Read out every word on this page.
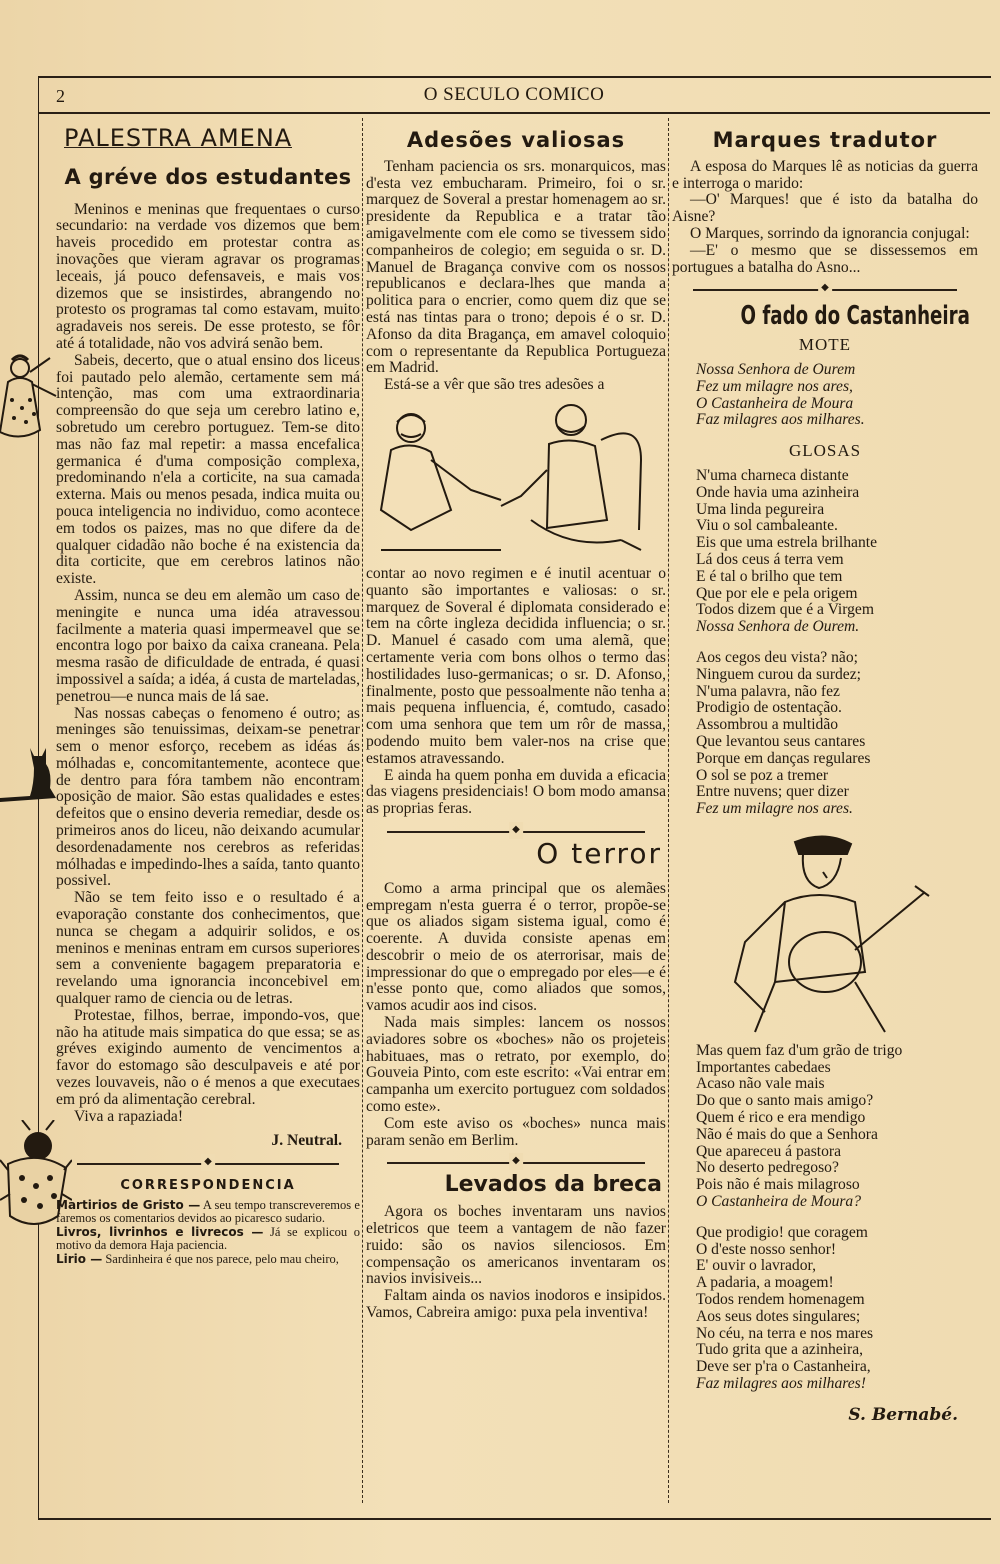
2	O SECULO COMICO
PALESTRA AMENA
A gréve dos estudantes

Meninos e meninas que frequentaes o curso secundario: na verdade vos dizemos que bem haveis procedido em protestar contra as inovações que vieram agravar os programas leceais, já pouco defensaveis, e mais vos dizemos que se insistirdes, abrangendo no protesto os programas tal como estavam, muito agradaveis nos sereis. De esse protesto, se fôr até á totalidade, não vos advirá senão bem.

Sabeis, decerto, que o atual ensino dos liceus foi pautado pelo alemão, certamente sem má intenção, mas com uma extraordinaria compreensão do que seja um cerebro latino e, sobretudo um cerebro portuguez. Tem-se dito mas não faz mal repetir: a massa encefalica germanica é d'uma composição complexa, predominando n'ela a corticite, na sua camada externa. Mais ou menos pesada, indica muita ou pouca inteligencia no individuo, como acontece em todos os paizes, mas no que difere da de qualquer cidadão não boche é na existencia da dita corticite, que em cerebros latinos não existe.

Assim, nunca se deu em alemão um caso de meningite e nunca uma idéa atravessou facilmente a materia quasi impermeavel que se encontra logo por baixo da caixa craneana. Pela mesma rasão de dificuldade de entrada, é quasi impossivel a saída; a idéa, á custa de marteladas, penetrou—e nunca mais de lá sae.

Nas nossas cabeças o fenomeno é outro; as meninges são tenuissimas, deixam-se penetrar sem o menor esforço, recebem as idéas ás mólhadas e, concomitantemente, acontece que de dentro para fóra tambem não encontram oposição de maior. São estas qualidades e estes defeitos que o ensino deveria remediar, desde os primeiros anos do liceu, não deixando acumular desordenadamente nos cerebros as referidas mólhadas e impedindo-lhes a saída, tanto quanto possivel.

Não se tem feito isso e o resultado é a evaporação constante dos conhecimentos, que nunca se chegam a adquirir solidos, e os meninos e meninas entram em cursos superiores sem a conveniente bagagem preparatoria e revelando uma ignorancia inconcebivel em qualquer ramo de ciencia ou de letras.

Protestae, filhos, berrae, impondo-vos, que não ha atitude mais simpatica do que essa; se as gréves exigindo aumento de vencimentos a favor do estomago são desculpaveis e até por vezes louvaveis, não o é menos a que executaes em pró da alimentação cerebral.

Viva a rapaziada!

J. Neutral.
◆
CORRESPONDENCIA
Martirios de Gristo — A seu tempo transcreveremos e faremos os comentarios devidos ao picaresco sudario.
Livros, livrinhos e livrecos — Já se explicou o motivo da demora Haja paciencia.
Lirio — Sardinheira é que nos parece, pelo mau cheiro,
Adesões valiosas

Tenham paciencia os srs. monarquicos, mas d'esta vez embucharam. Primeiro, foi o sr. marquez de Soveral a prestar homenagem ao sr. presidente da Republica e a tratar tão amigavelmente com ele como se tivessem sido companheiros de colegio; em seguida o sr. D. Manuel de Bragança convive com os nossos republicanos e declara-lhes que manda a politica para o encrier, como quem diz que se está nas tintas para o trono; depois é o sr. D. Afonso da dita Bragança, em amavel coloquio com o representante da Republica Portugueza em Madrid.

Está-se a vêr que são tres adesões a

contar ao novo regimen e é inutil acentuar o quanto são importantes e valiosas: o sr. marquez de Soveral é diplomata considerado e tem na côrte ingleza decidida influencia; o sr. D. Manuel é casado com uma alemã, que certamente veria com bons olhos o termo das hostilidades luso-germanicas; o sr. D. Afonso, finalmente, posto que pessoalmente não tenha a mais pequena influencia, é, comtudo, casado com uma senhora que tem um rôr de massa, podendo muito bem valer-nos na crise que estamos atravessando.

E ainda ha quem ponha em duvida a eficacia das viagens presidenciais! O bom modo amansa as proprias feras.

◆
O terror

Como a arma principal que os alemães empregam n'esta guerra é o terror, propõe-se que os aliados sigam sistema igual, como é coerente. A duvida consiste apenas em descobrir o meio de os aterrorisar, mais de impressionar do que o empregado por eles—e é n'esse ponto que, como aliados que somos, vamos acudir aos ind cisos.

Nada mais simples: lancem os nossos aviadores sobre os «boches» não os projeteis habituaes, mas o retrato, por exemplo, do Gouveia Pinto, com este escrito: «Vai entrar em campanha um exercito portuguez com soldados como este».

Com este aviso os «boches» nunca mais param senão em Berlim.

◆
Levados da breca

Agora os boches inventaram uns navios eletricos que teem a vantagem de não fazer ruido: são os navios silenciosos. Em compensação os americanos inventaram os navios invisiveis...

Faltam ainda os navios inodoros e insipidos. Vamos, Cabreira amigo: puxa pela inventiva!

Marques tradutor

A esposa do Marques lê as noticias da guerra e interroga o marido:

—O' Marques! que é isto da batalha do Aisne?

O Marques, sorrindo da ignorancia conjugal:

—E' o mesmo que se dissessemos em portugues a batalha do Asno...

◆
O fado do Castanheira
MOTE
Nossa Senhora de Ourem
Fez um milagre nos ares,
O Castanheira de Moura
Faz milagres aos milhares.
GLOSAS
N'uma charneca distante
Onde havia uma azinheira
Uma linda pegureira
Viu o sol cambaleante.
Eis que uma estrela brilhante
Lá dos ceus á terra vem
E é tal o brilho que tem
Que por ele e pela origem
Todos dizem que é a Virgem
Nossa Senhora de Ourem.
Aos cegos deu vista? não;
Ninguem curou da surdez;
N'uma palavra, não fez
Prodigio de ostentação.
Assombrou a multidão
Que levantou seus cantares
Porque em danças regulares
O sol se poz a tremer
Entre nuvens; quer dizer
Fez um milagre nos ares.
Mas quem faz d'um grão de trigo
Importantes cabedaes
Acaso não vale mais
Do que o santo mais amigo?
Quem é rico e era mendigo
Não é mais do que a Senhora
Que apareceu á pastora
No deserto pedregoso?
Pois não é mais milagroso
O Castanheira de Moura?
Que prodigio! que coragem
O d'este nosso senhor!
E' ouvir o lavrador,
A padaria, a moagem!
Todos rendem homenagem
Aos seus dotes singulares;
No céu, na terra e nos mares
Tudo grita que a azinheira,
Deve ser p'ra o Castanheira,
Faz milagres aos milhares!
S. Bernabé.
